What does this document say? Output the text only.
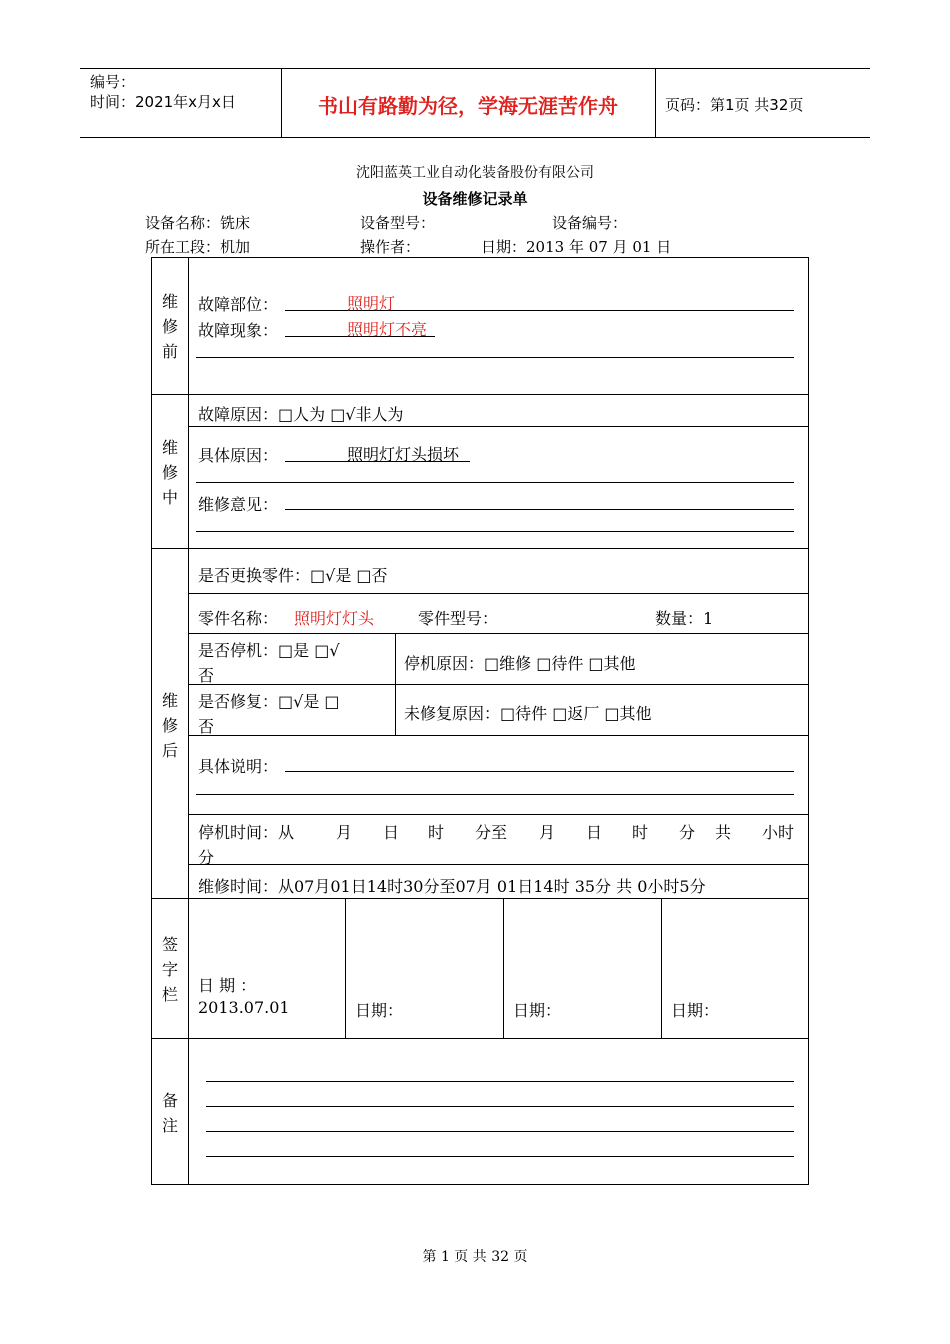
编号：
时间：2021年x月x日	书山有路勤为径，学海无涯苦作舟	页码：第1页 共32页
沈阳蓝英工业自动化装备股份有限公司
设备维修记录单
设备名称：铣床	设备型号：	设备编号：
所在工段：机加	操作者：	日期：2013 年 07 月 01 日
维
修
前
故障部位：	照明灯
故障现象：	照明灯不亮
维
修
中
故障原因：□人为 □√非人为
具体原因：	照明灯灯头损坏
维修意见：
维
修
后
是否更换零件：□√是 □否
零件名称： 照明灯灯头	零件型号：	数量：1
是否停机：□是 □√
否
停机原因：□维修 □待件 □其他
是否修复：□√是 □
否
未修复原因：□待件 □返厂 □其他
具体说明：
停机时间：从	月 日 时 分至 月 日 时 分 共 小时
分
维修时间：从07月01日14时30分至07月 01日14时 35分 共 0小时5分
签
字
栏	日 期 ：
2013.07.01	日期：	日期：	日期：
备
注
第 1 页 共 32 页
